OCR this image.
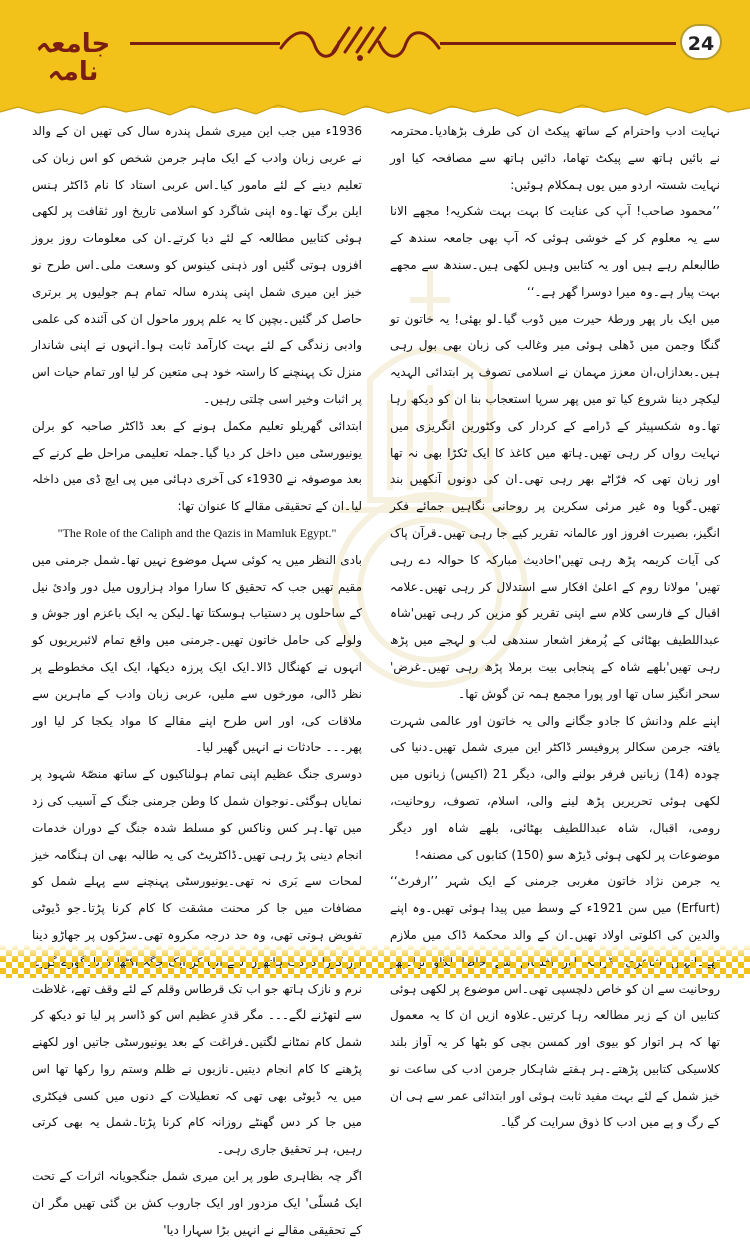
جامعہ نامہ
24

نہایت ادب واحترام کے ساتھ پیکٹ ان کی طرف بڑھادیا۔محترمہ نے بائیں ہاتھ سے پیکٹ تھاما، دائیں ہاتھ سے مصافحہ کیا اور نہایت شستہ اردو میں یوں ہمکلام ہوئیں:

’’محمود صاحب! آپ کی عنایت کا بہت بہت شکریہ! مجھے الانا سے یہ معلوم کر کے خوشی ہوئی کہ آپ بھی جامعہ سندھ کے طالبعلم رہے ہیں اور یہ کتابیں وہیں لکھی ہیں۔سندھ سے مجھے بہت پیار ہے۔وہ میرا دوسرا گھر ہے۔‘‘

میں ایک بار پھر ورطۂ حیرت میں ڈوب گیا۔لو بھئی! یہ خاتون تو گنگا وجمن میں ڈھلی ہوئی میر وغالب کی زبان بھی بول رہی ہیں۔بعدازاں،ان معزز مہمان نے اسلامی تصوف پر ابتدائی الہدیہ لیکچر دینا شروع کیا تو میں پھر سرپا استعجاب بنا ان کو دیکھ رہا تھا۔وہ شکسپیئر کے ڈرامے کے کردار کی وکٹورین انگریزی میں نہایت رواں کر رہی تھیں۔ہاتھ میں کاغذ کا ایک ٹکڑا بھی نہ تھا اور زبان تھی کہ فرّاٹے بھر رہی تھی۔ان کی دونوں آنکھیں بند تھیں۔گویا وہ غیر مرئی سکرین پر روحانی نگاہیں جمائے فکر انگیز، بصیرت افروز اور عالمانہ تقریر کیے جا رہی تھیں۔قرآن پاک کی آیات کریمہ پڑھ رہی تھیں'احادیث مبارکہ کا حوالہ دے رہی تھیں' مولانا روم کے اعلیٰ افکار سے استدلال کر رہی تھیں۔علامہ اقبال کے فارسی کلام سے اپنی تقریر کو مزین کر رہی تھیں'شاہ عبداللطیف بھٹائی کے پُرمغز اشعار سندھی لب و لہجے میں پڑھ رہی تھیں'بلھے شاہ کے پنجابی بیت برملا پڑھ رہی تھیں۔غرض' سحر انگیز ساں تھا اور پورا مجمع ہمہ تن گوش تھا۔

اپنے علم ودانش کا جادو جگانے والی یہ خاتون اور عالمی شہرت یافتہ جرمن سکالر پروفیسر ڈاکٹر این میری شمل تھیں۔دنیا کی چودہ (14) زبانیں فرفر بولنے والی، دیگر 21 (اکیس) زبانوں میں لکھی ہوئی تحریریں پڑھ لینے والی، اسلام، تصوف، روحانیت، رومی، اقبال، شاہ عبداللطیف بھٹائی، بلھے شاہ اور دیگر موضوعات پر لکھی ہوئی ڈیڑھ سو (150) کتابوں کی مصنفہ!

یہ جرمن نژاد خاتون مغربی جرمنی کے ایک شہر ’’ارفرٹ‘‘ (Erfurt) میں سن 1921ء کے وسط میں پیدا ہوئی تھیں۔وہ اپنے والدین کی اکلوتی اولاد تھیں۔ان کے والد محکمۂ ڈاک میں ملازم روحانیت سے ان کو خاص دلچسپی تھی۔اس موضوع پر لکھی ہوئی کتابیں ان کے زیر مطالعہ رہا کرتیں۔علاوہ ازیں ان کا یہ معمول تھا کہ ہر اتوار کو بیوی اور کمسن بچی کو بٹھا کر یہ آواز بلند کلاسیکی کتابیں پڑھتے۔ہر ہفتے شاہکار جرمن ادب کی ساعت نو خیز شمل کے لئے بہت مفید ثابت ہوئی اور ابتدائی عمر سے ہی ان کے رگ و پے میں ادب کا ذوق سرایت کر گیا۔

1936ء میں جب این میری شمل پندرہ سال کی تھیں ان کے والد نے عربی زبان وادب کے ایک ماہر جرمن شخص کو اس زبان کی تعلیم دینے کے لئے مامور کیا۔اس عربی استاد کا نام ڈاکٹر ہنس ایلن برگ تھا۔وہ اپنی شاگرد کو اسلامی تاریخ اور ثقافت پر لکھی ہوئی کتابیں مطالعہ کے لئے دیا کرتے۔ان کی معلومات روز بروز افزوں ہوتی گئیں اور ذہنی کینوس کو وسعت ملی۔اس طرح نو خیز این میری شمل اپنی پندرہ سالہ تمام ہم جولیوں پر برتری حاصل کر گئیں۔بچپن کا یہ علم پرور ماحول ان کی آئندہ کی علمی وادبی زندگی کے لئے بہت کارآمد ثابت ہوا۔انہوں نے اپنی شاندار منزل تک پہنچنے کا راستہ خود ہی متعین کر لیا اور تمام حیات اس پر اثبات وخیر اسی چلتی رہیں۔

ابتدائی گھریلو تعلیم مکمل ہونے کے بعد ڈاکٹر صاحبہ کو برلن یونیورسٹی میں داخل کر دیا گیا۔جملہ تعلیمی مراحل طے کرنے کے بعد موصوفہ نے 1930ء کی آخری دہائی میں پی ایچ ڈی میں داخلہ لیا۔ان کے تحقیقی مقالے کا عنوان تھا:

"The Role of the Caliph and the Qazis in Mamluk Egypt."

بادی النظر میں یہ کوئی سہل موضوع نہیں تھا۔شمل جرمنی میں مقیم تھیں جب کہ تحقیق کا سارا مواد ہزاروں میل دور وادیٔ نیل کے ساحلوں پر دستیاب ہوسکتا تھا۔لیکن یہ ایک باعزم اور جوش و ولولے کی حامل خاتون تھیں۔جرمنی میں واقع تمام لائبریریوں کو انہوں نے کھنگال ڈالا۔ایک ایک پرزہ دیکھا، ایک ایک مخطوطے پر نظر ڈالی، مورخوں سے ملیں، عربی زبان وادب کے ماہرین سے ملاقات کی، اور اس طرح اپنے مقالے کا مواد یکجا کر لیا اور پھر۔۔۔ حادثات نے انہیں گھیر لیا۔

دوسری جنگ عظیم اپنی تمام ہولناکیوں کے ساتھ منصّۂ شہود پر نمایاں ہوگئی۔نوجوان شمل کا وطن جرمنی جنگ کے آسیب کی زد میں تھا۔ہر کس وناکس کو مسلط شدہ جنگ کے دوران خدمات انجام دینی پڑ رہی تھیں۔ڈاکٹریٹ کی یہ طالبہ بھی ان ہنگامہ خیز لمحات سے بَری نہ تھی۔یونیورسٹی پہنچنے سے پہلے شمل کو مضافات میں جا کر محنت مشقت کا کام کرنا پڑتا۔جو ڈیوٹی تفویض ہوتی تھی، وہ حد درجہ مکروہ تھی۔سڑکوں پر جھاڑو دینا نرم و نازک ہاتھ جو اب تک قرطاس وقلم کے لئے وقف تھے، غلاظت سے لتھڑنے لگے۔۔۔ مگر قدرِ عظیم اس کو ڈاسر پر لیا تو دیکھ کر شمل کام نمٹانے لگتیں۔فراغت کے بعد یونیورسٹی جاتیں اور لکھنے پڑھنے کا کام انجام دیتیں۔نازیوں نے ظلم وستم روا رکھا تھا اس میں یہ ڈیوٹی بھی تھی کہ تعطیلات کے دنوں میں کسی فیکٹری میں جا کر دس گھنٹے روزانہ کام کرنا پڑتا۔شمل یہ بھی کرتی رہیں، ہر تحقیق جاری رہی۔

اگر چہ بظاہری طور پر این میری شمل جنگجویانہ اثرات کے تحت ایک مُسلّی' ایک مزدور اور ایک جاروب کش بن گئی تھیں مگر ان کے تحقیقی مقالے نے انہیں بڑا سہارا دیا'
